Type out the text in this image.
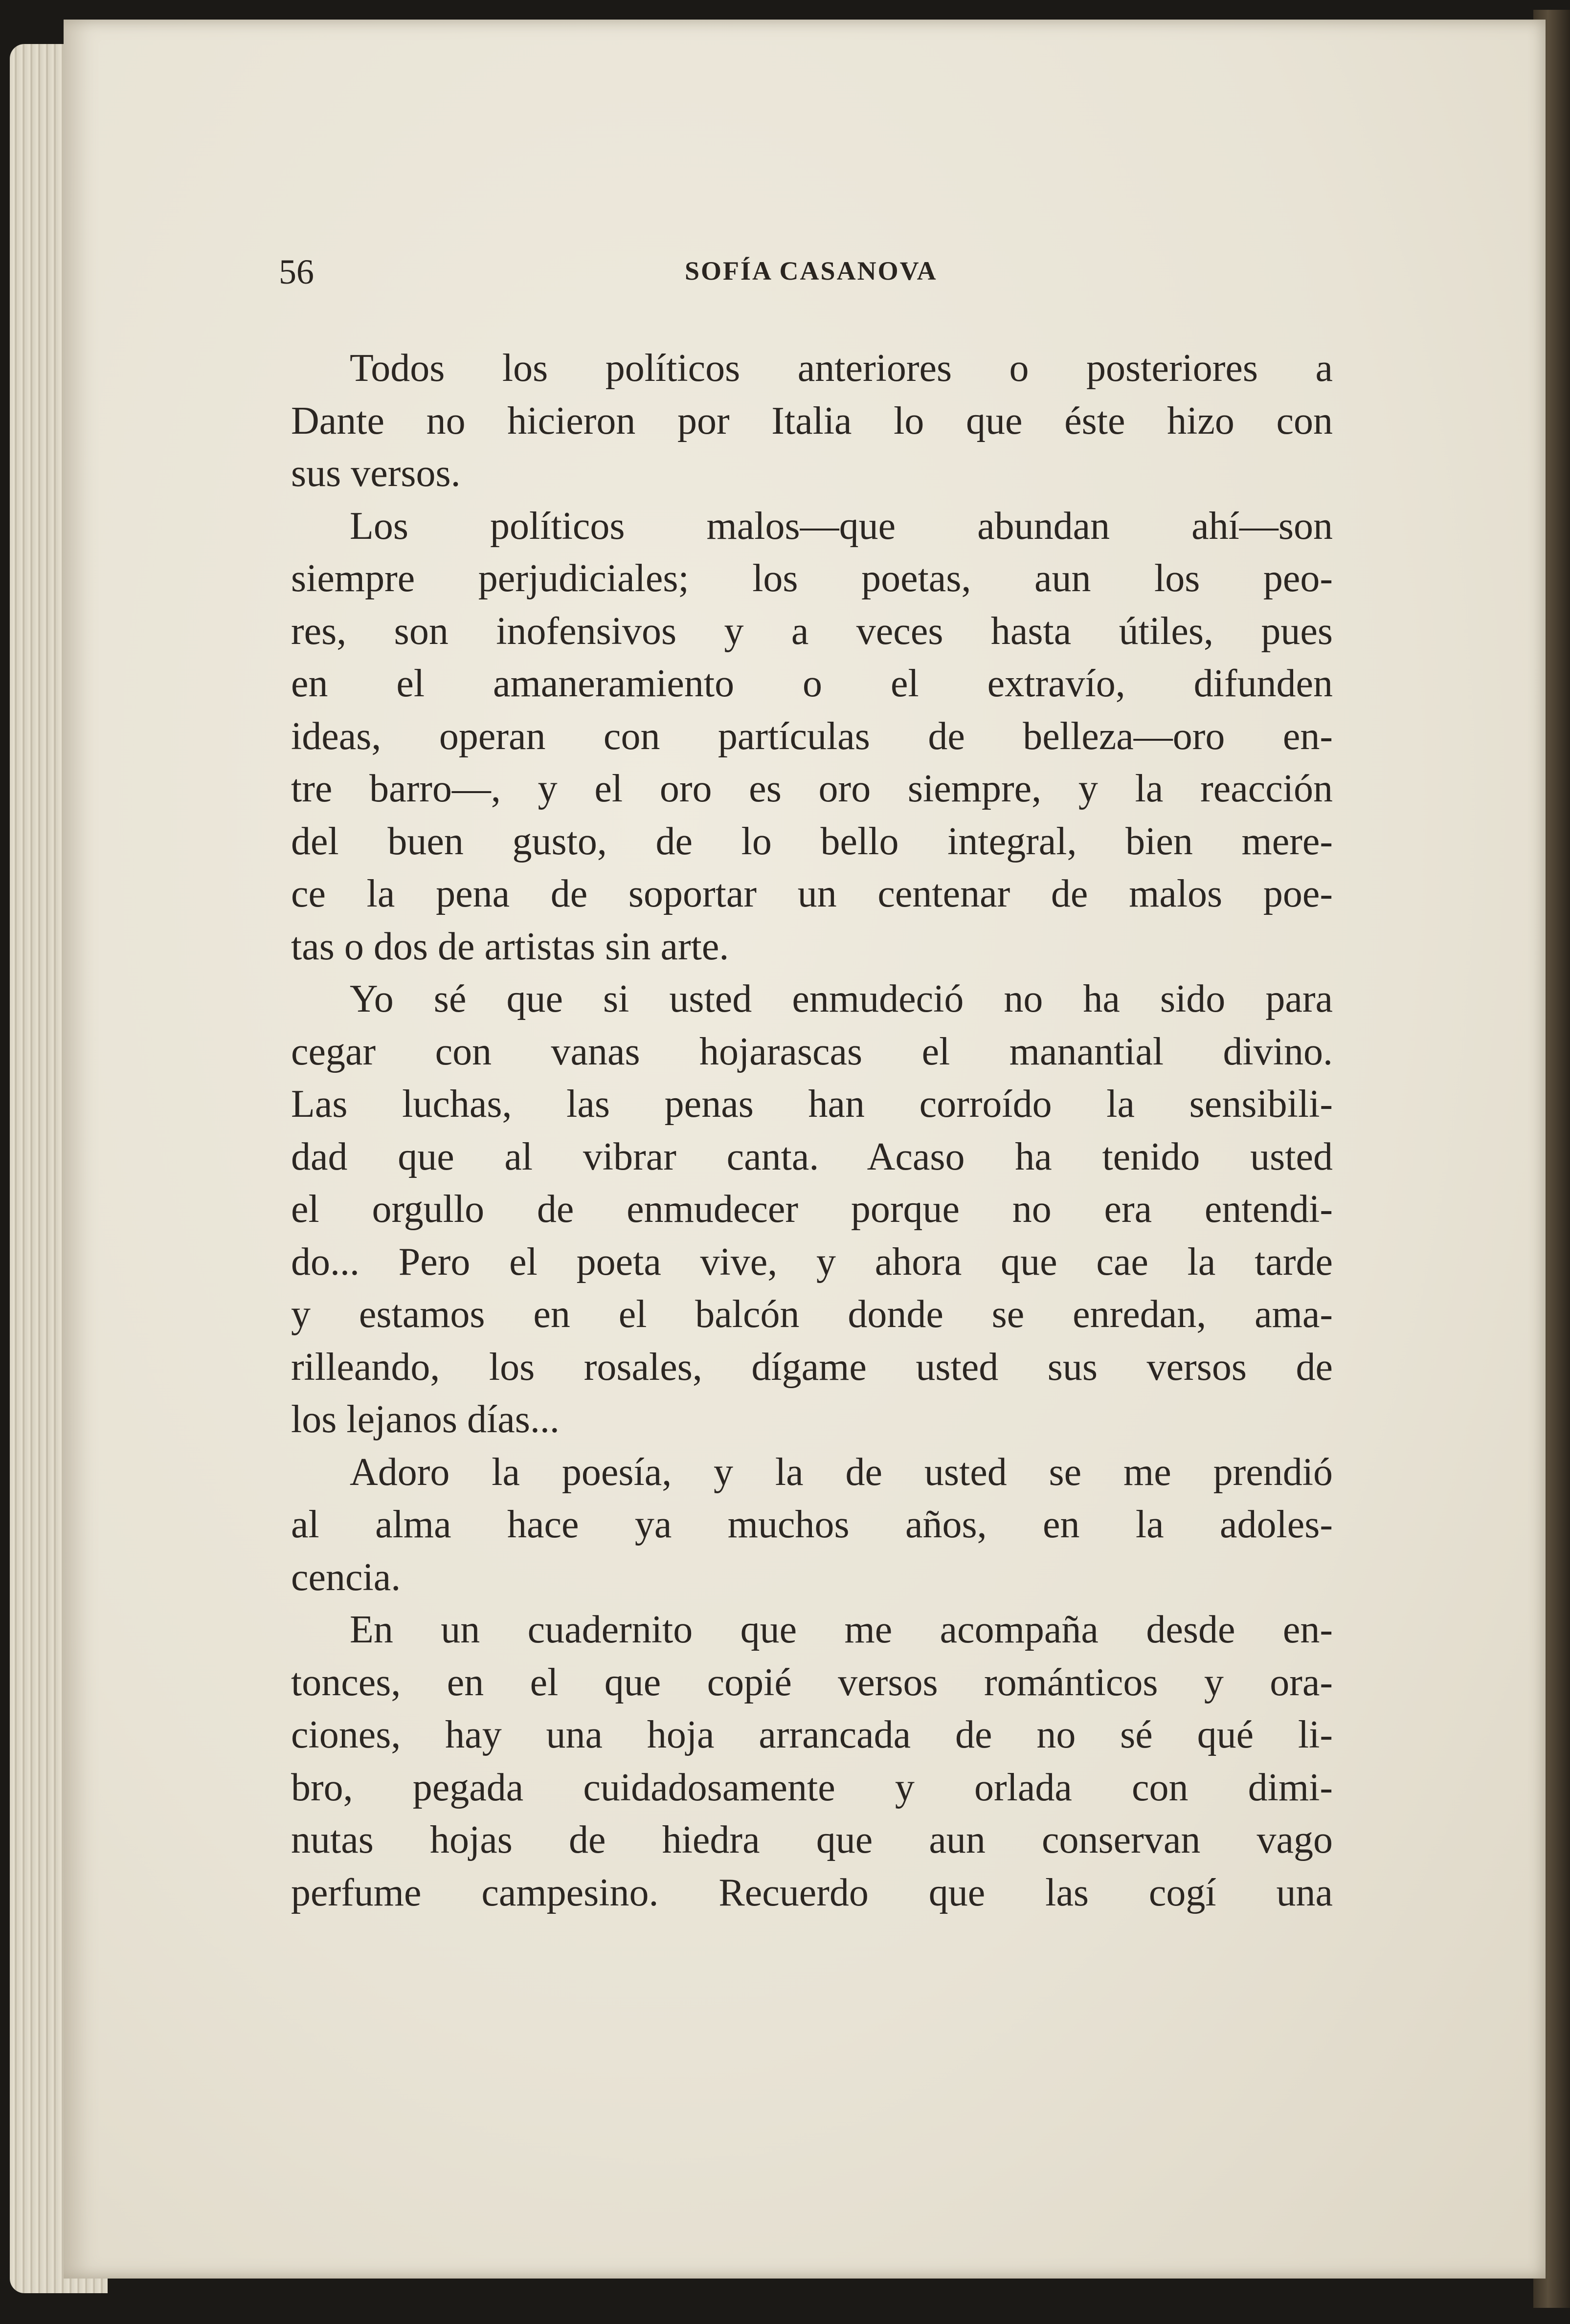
56	SOFÍA CASANOVA
Todos los políticos anteriores o posteriores a
Dante no hicieron por Italia lo que éste hizo con
sus versos.
Los políticos malos—que abundan ahí—son
siempre perjudiciales; los poetas, aun los peo-
res, son inofensivos y a veces hasta útiles, pues
en el amaneramiento o el extravío, difunden
ideas, operan con partículas de belleza—oro en-
tre barro—, y el oro es oro siempre, y la reacción
del buen gusto, de lo bello integral, bien mere-
ce la pena de soportar un centenar de malos poe-
tas o dos de artistas sin arte.
Yo sé que si usted enmudeció no ha sido para
cegar con vanas hojarascas el manantial divino.
Las luchas, las penas han corroído la sensibili-
dad que al vibrar canta. Acaso ha tenido usted
el orgullo de enmudecer porque no era entendi-
do... Pero el poeta vive, y ahora que cae la tarde
y estamos en el balcón donde se enredan, ama-
rilleando, los rosales, dígame usted sus versos de
los lejanos días...
Adoro la poesía, y la de usted se me prendió
al alma hace ya muchos años, en la adoles-
cencia.
En un cuadernito que me acompaña desde en-
tonces, en el que copié versos románticos y ora-
ciones, hay una hoja arrancada de no sé qué li-
bro, pegada cuidadosamente y orlada con dimi-
nutas hojas de hiedra que aun conservan vago
perfume campesino. Recuerdo que las cogí una
